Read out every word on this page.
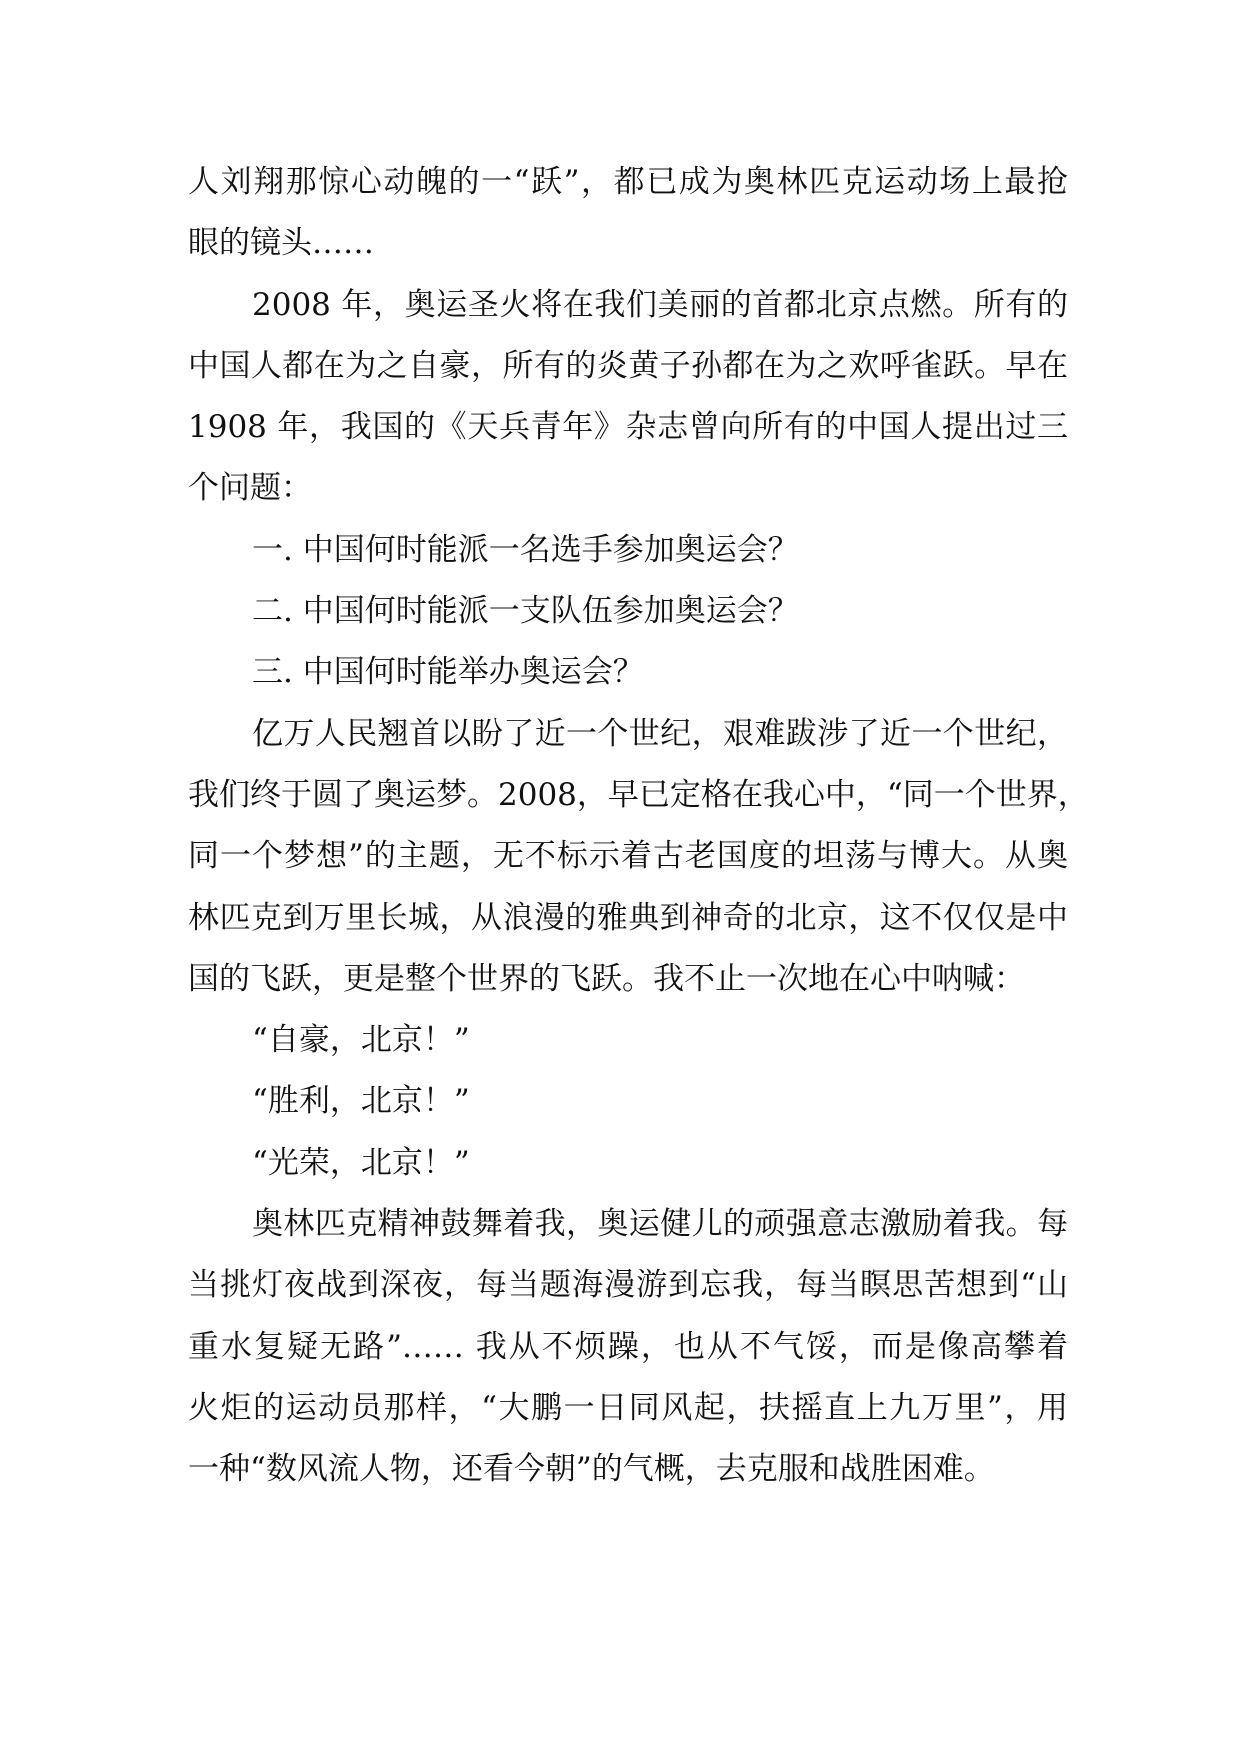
人刘翔那惊心动魄的一“跃”，都已成为奥林匹克运动场上最抢
眼的镜头……
2008 年，奥运圣火将在我们美丽的首都北京点燃。所有的
中国人都在为之自豪，所有的炎黄子孙都在为之欢呼雀跃。早在
1908 年，我国的《天兵青年》杂志曾向所有的中国人提出过三
个问题：
一. 中国何时能派一名选手参加奥运会？
二. 中国何时能派一支队伍参加奥运会？
三. 中国何时能举办奥运会？
亿万人民翘首以盼了近一个世纪，艰难跋涉了近一个世纪，
我们终于圆了奥运梦。2008，早已定格在我心中，“同一个世界，
同一个梦想”的主题，无不标示着古老国度的坦荡与博大。从奥
林匹克到万里长城，从浪漫的雅典到神奇的北京，这不仅仅是中
国的飞跃，更是整个世界的飞跃。我不止一次地在心中呐喊：
“自豪，北京！”
“胜利，北京！”
“光荣，北京！”
奥林匹克精神鼓舞着我，奥运健儿的顽强意志激励着我。每
当挑灯夜战到深夜，每当题海漫游到忘我，每当瞑思苦想到“山
重水复疑无路”…… 我从不烦躁，也从不气馁，而是像高攀着
火炬的运动员那样，“大鹏一日同风起，扶摇直上九万里”，用
一种“数风流人物，还看今朝”的气概，去克服和战胜困难。
